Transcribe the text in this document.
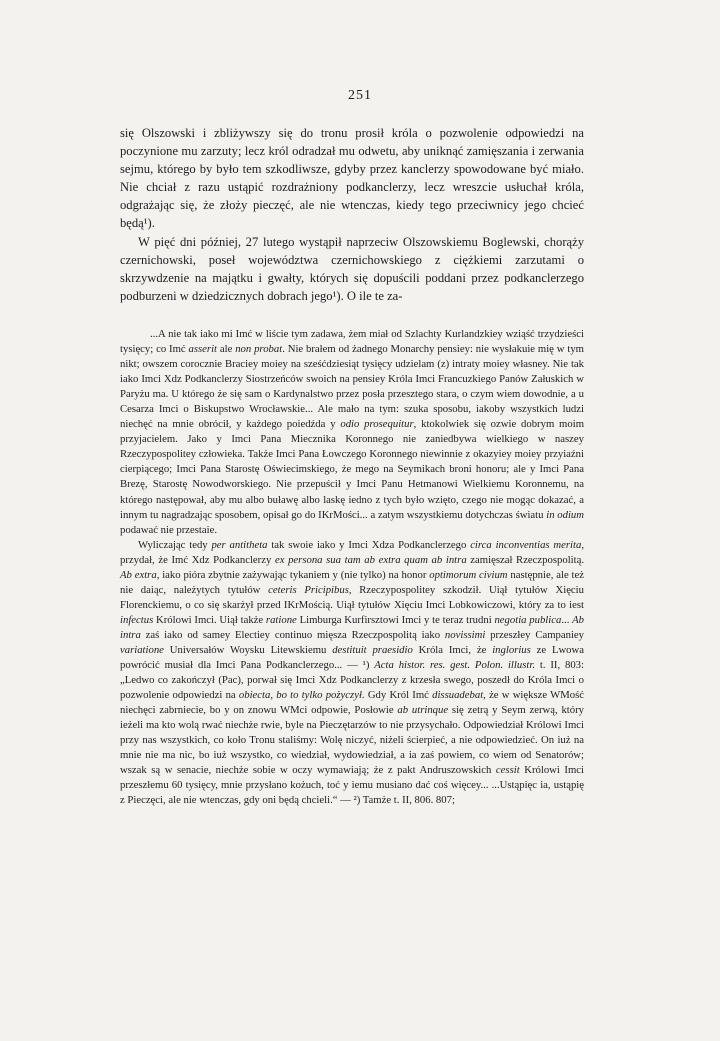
251

się Olszowski i zbliżywszy się do tronu prosił króla o pozwolenie odpowiedzi na poczynione mu zarzuty; lecz król odradzał mu odwetu, aby uniknąć zamięszania i zerwania sejmu, którego by było tem szkodliwsze, gdyby przez kanclerzy spowodowane być miało. Nie chciał z razu ustąpić rozdrażniony podkanclerzy, lecz wreszcie usłuchał króla, odgrażając się, że złoży pieczęć, ale nie wtenczas, kiedy tego przeciwnicy jego chcieć będą¹).

W pięć dni później, 27 lutego wystąpił naprzeciw Olszowskiemu Boglewski, chorąży czernichowski, poseł województwa czernichowskiego z ciężkiemi zarzutami o skrzywdzenie na majątku i gwałty, których się dopuścili poddani przez podkanclerzego podburzeni w dziedzicznych dobrach jego¹). O ile te za-

...A nie tak iako mi Imć w liście tym zadawa, żem miał od Szlachty Kurlandzkiey wziąść trzydzieści tysięcy; co Imć asserit ale non probat. Nie brałem od żadnego Monarchy pensiey: nie wysłakuie mię w tym nikt; owszem corocznie Bracieу moiey na sześćdziesiąt tysięcy udzielam (z) intraty moiey własney. Nie tak iako Imci Xdz Podkanclerzy Siostrzeńców swoich na pensiey Króla Imci Francuzkiego Panów Załuskich w Paryżu ma. U którego że się sam o Kardynalstwo przez posła przesztego stara, o czym wiem dowodnie, a u Cesarza Imci o Biskupstwo Wrocławskie... Ale mało na tym: szuka sposobu, iakoby wszystkich ludzi niechęć na mnie obrócił, y każdego poiedźda y odio prosequitur, ktokolwiek się ozwie dobrym moim przyjacielem. Jako y Imci Pana Miecznika Koronnego nie zaniedbywa wielkiego w naszey Rzeczypospolitey człowieka. Także Imci Pana Łowczego Koronnego niewinnie z okazyiey moiey przyiaźni cierpiącego; Imci Pana Starostę Oświecimskiego, że mego na Seymikach broni honoru; ale y Imci Pana Brezę, Starostę Nowodworskiego. Nie przepuścił y Imci Panu Hetmanowi Wielkiemu Koronnemu, na którego następował, aby mu albo buławę albo laskę iedno z tych było wzięto, czego nie mogąc dokazać, a innym tu nagradzając sposobem, opisał go do IKrMości... a zatym wszystkiemu dotychczas światu in odium podawać nie przestaie.

Wyliczając tedy per antitheta tak swoie iako y Imci Xdza Podkanclerzego circa inconventias merita, przydał, że Imć Xdz Podkanclerzy ex persona sua tam ab extra quam ab intra zamięszał Rzeczpospolitą. Ab extra, iako pióra zbytnie zażywając tykaniem y (nie tylko) na honor optimorum civium następnie, ale też nie daiąc, należytych tytułów ceteris Pricipibus, Rzeczypospolitey szkodził. Uiął tytułów Xięciu Florenckiemu, o co się skarżył przed IKrMością. Uiął tytułów Xięciu Imci Lobkowiczowi, który za to iest infectus Królowi Imci. Uiął także ratione Limburga Kurfirsztowi Imci y te teraz trudni negotia publica... Ab intra zaś iako od samey Electiey continuo mięsza Rzeczpospolitą iako novissimi przeszłey Campaniey variatione Universałów Woysku Litewskiemu destituit praesidio Króla Imci, że inglorius ze Lwowa powrócić musiał dla Imci Pana Podkanclerzego... — ¹) Acta histor. res. gest. Polon. illustr. t. II, 803: „Ledwo co zakończył (Pac), porwał się Imci Xdz Podkanclerzy z krzesła swego, poszedł do Króla Imci o pozwolenie odpowiedzi na obiecta, bo to tylko pożyczył. Gdy Król Imć dissuadebat, że w większe WMość niechęci zabrniecie, bo y on znowu WMci odpowie, Posłowie ab utrinque się zetrą y Seym zerwą, który ieżeli ma kto wolą rwać niechże rwie, byle na Pieczętarzów to nie przysychało. Odpowiedział Królowi Imci przy nas wszystkich, co koło Tronu staliśmy: Wolę niczyć, niżeli ścierpieć, a nie odpowiedzieć. On iuż na mnie nie ma nic, bo iuż wszystko, co wiedział, wydowiedział, a ia zaś powiem, co wiem od Senatorów; wszak są w senacie, niechże sobie w oczy wymawiają; że z pakt Andruszowskich cessit Królowi Imci przeszłemu 60 tysięcy, mnie przysłano kożuch, toć y iemu musiano dać coś więcey... ...Ustąpięc ia, ustąpię z Pieczęci, ale nie wtenczas, gdy oni będą chcieli.“ — ²) Tamże t. II, 806. 807;
